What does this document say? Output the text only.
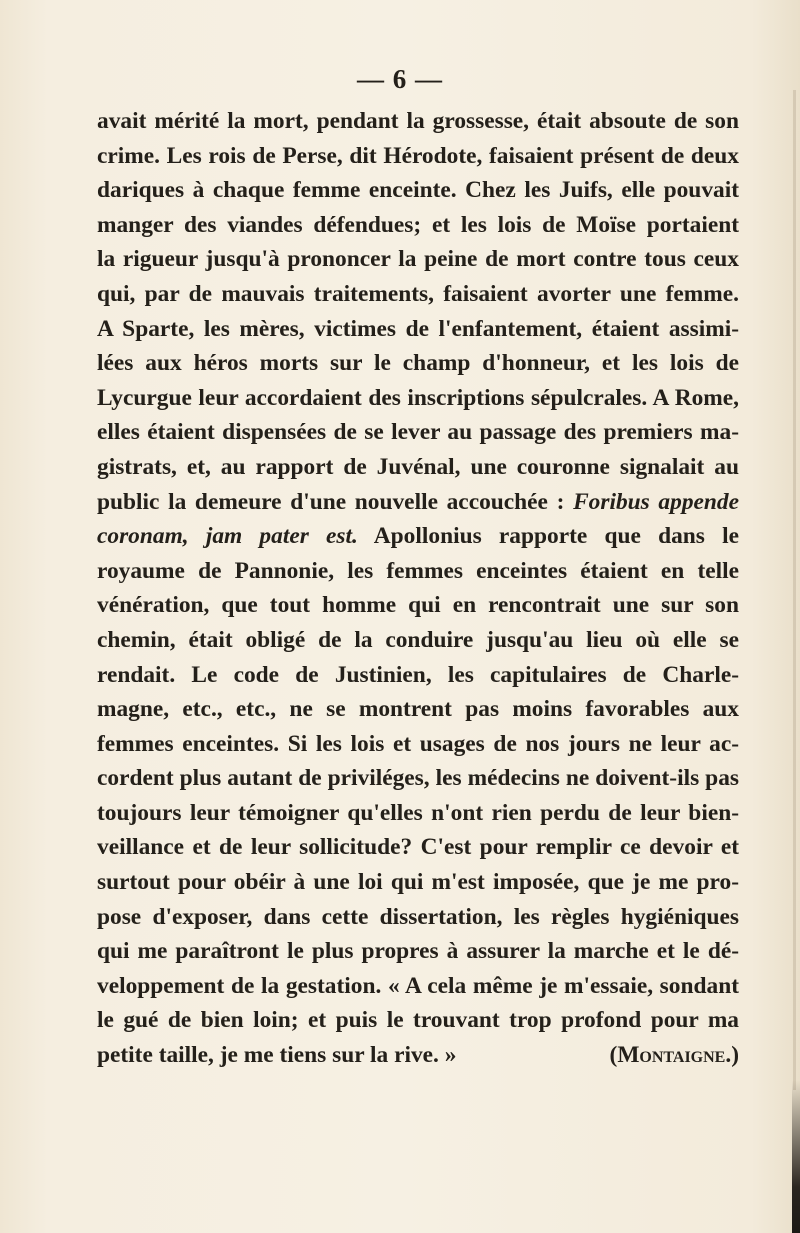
— 6 —
avait mérité la mort, pendant la grossesse, était absoute de son
crime. Les rois de Perse, dit Hérodote, faisaient présent de deux
dariques à chaque femme enceinte. Chez les Juifs, elle pouvait
manger des viandes défendues; et les lois de Moïse portaient
la rigueur jusqu'à prononcer la peine de mort contre tous ceux
qui, par de mauvais traitements, faisaient avorter une femme.
A Sparte, les mères, victimes de l'enfantement, étaient assimi-
lées aux héros morts sur le champ d'honneur, et les lois de
Lycurgue leur accordaient des inscriptions sépulcrales. A Rome,
elles étaient dispensées de se lever au passage des premiers ma-
gistrats, et, au rapport de Juvénal, une couronne signalait au
public la demeure d'une nouvelle accouchée : Foribus appende
coronam, jam pater est. Apollonius rapporte que dans le
royaume de Pannonie, les femmes enceintes étaient en telle
vénération, que tout homme qui en rencontrait une sur son
chemin, était obligé de la conduire jusqu'au lieu où elle se
rendait. Le code de Justinien, les capitulaires de Charle-
magne, etc., etc., ne se montrent pas moins favorables aux
femmes enceintes. Si les lois et usages de nos jours ne leur ac-
cordent plus autant de priviléges, les médecins ne doivent-ils pas
toujours leur témoigner qu'elles n'ont rien perdu de leur bien-
veillance et de leur sollicitude? C'est pour remplir ce devoir et
surtout pour obéir à une loi qui m'est imposée, que je me pro-
pose d'exposer, dans cette dissertation, les règles hygiéniques
qui me paraîtront le plus propres à assurer la marche et le dé-
veloppement de la gestation. « A cela même je m'essaie, sondant
le gué de bien loin; et puis le trouvant trop profond pour ma
petite taille, je me tiens sur la rive. »	(Montaigne.)
